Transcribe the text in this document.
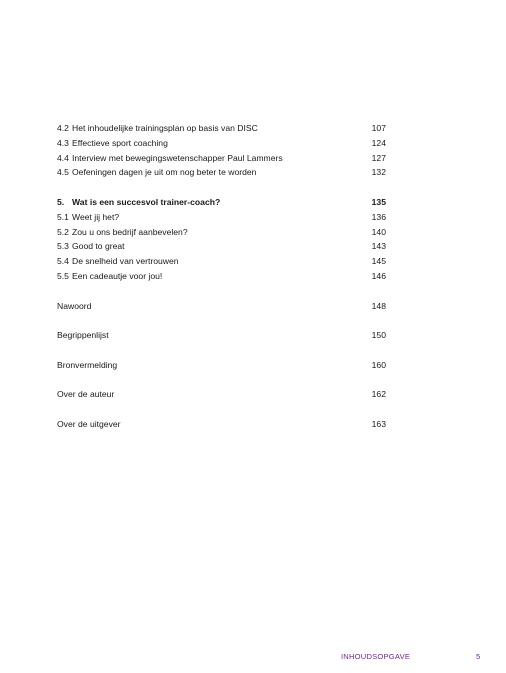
4.2 Het inhoudelijke trainingsplan op basis van DISC	107
4.3 Effectieve sport coaching	124
4.4 Interview met bewegingswetenschapper Paul Lammers	127
4.5 Oefeningen dagen je uit om nog beter te worden	132
5. Wat is een succesvol trainer-coach?	135
5.1 Weet jij het?	136
5.2 Zou u ons bedrijf aanbevelen?	140
5.3 Good to great	143
5.4 De snelheid van vertrouwen	145
5.5 Een cadeautje voor jou!	146
Nawoord	148
Begrippenlijst	150
Bronvermelding	160
Over de auteur	162
Over de uitgever	163
INHOUDSOPGAVE	5
